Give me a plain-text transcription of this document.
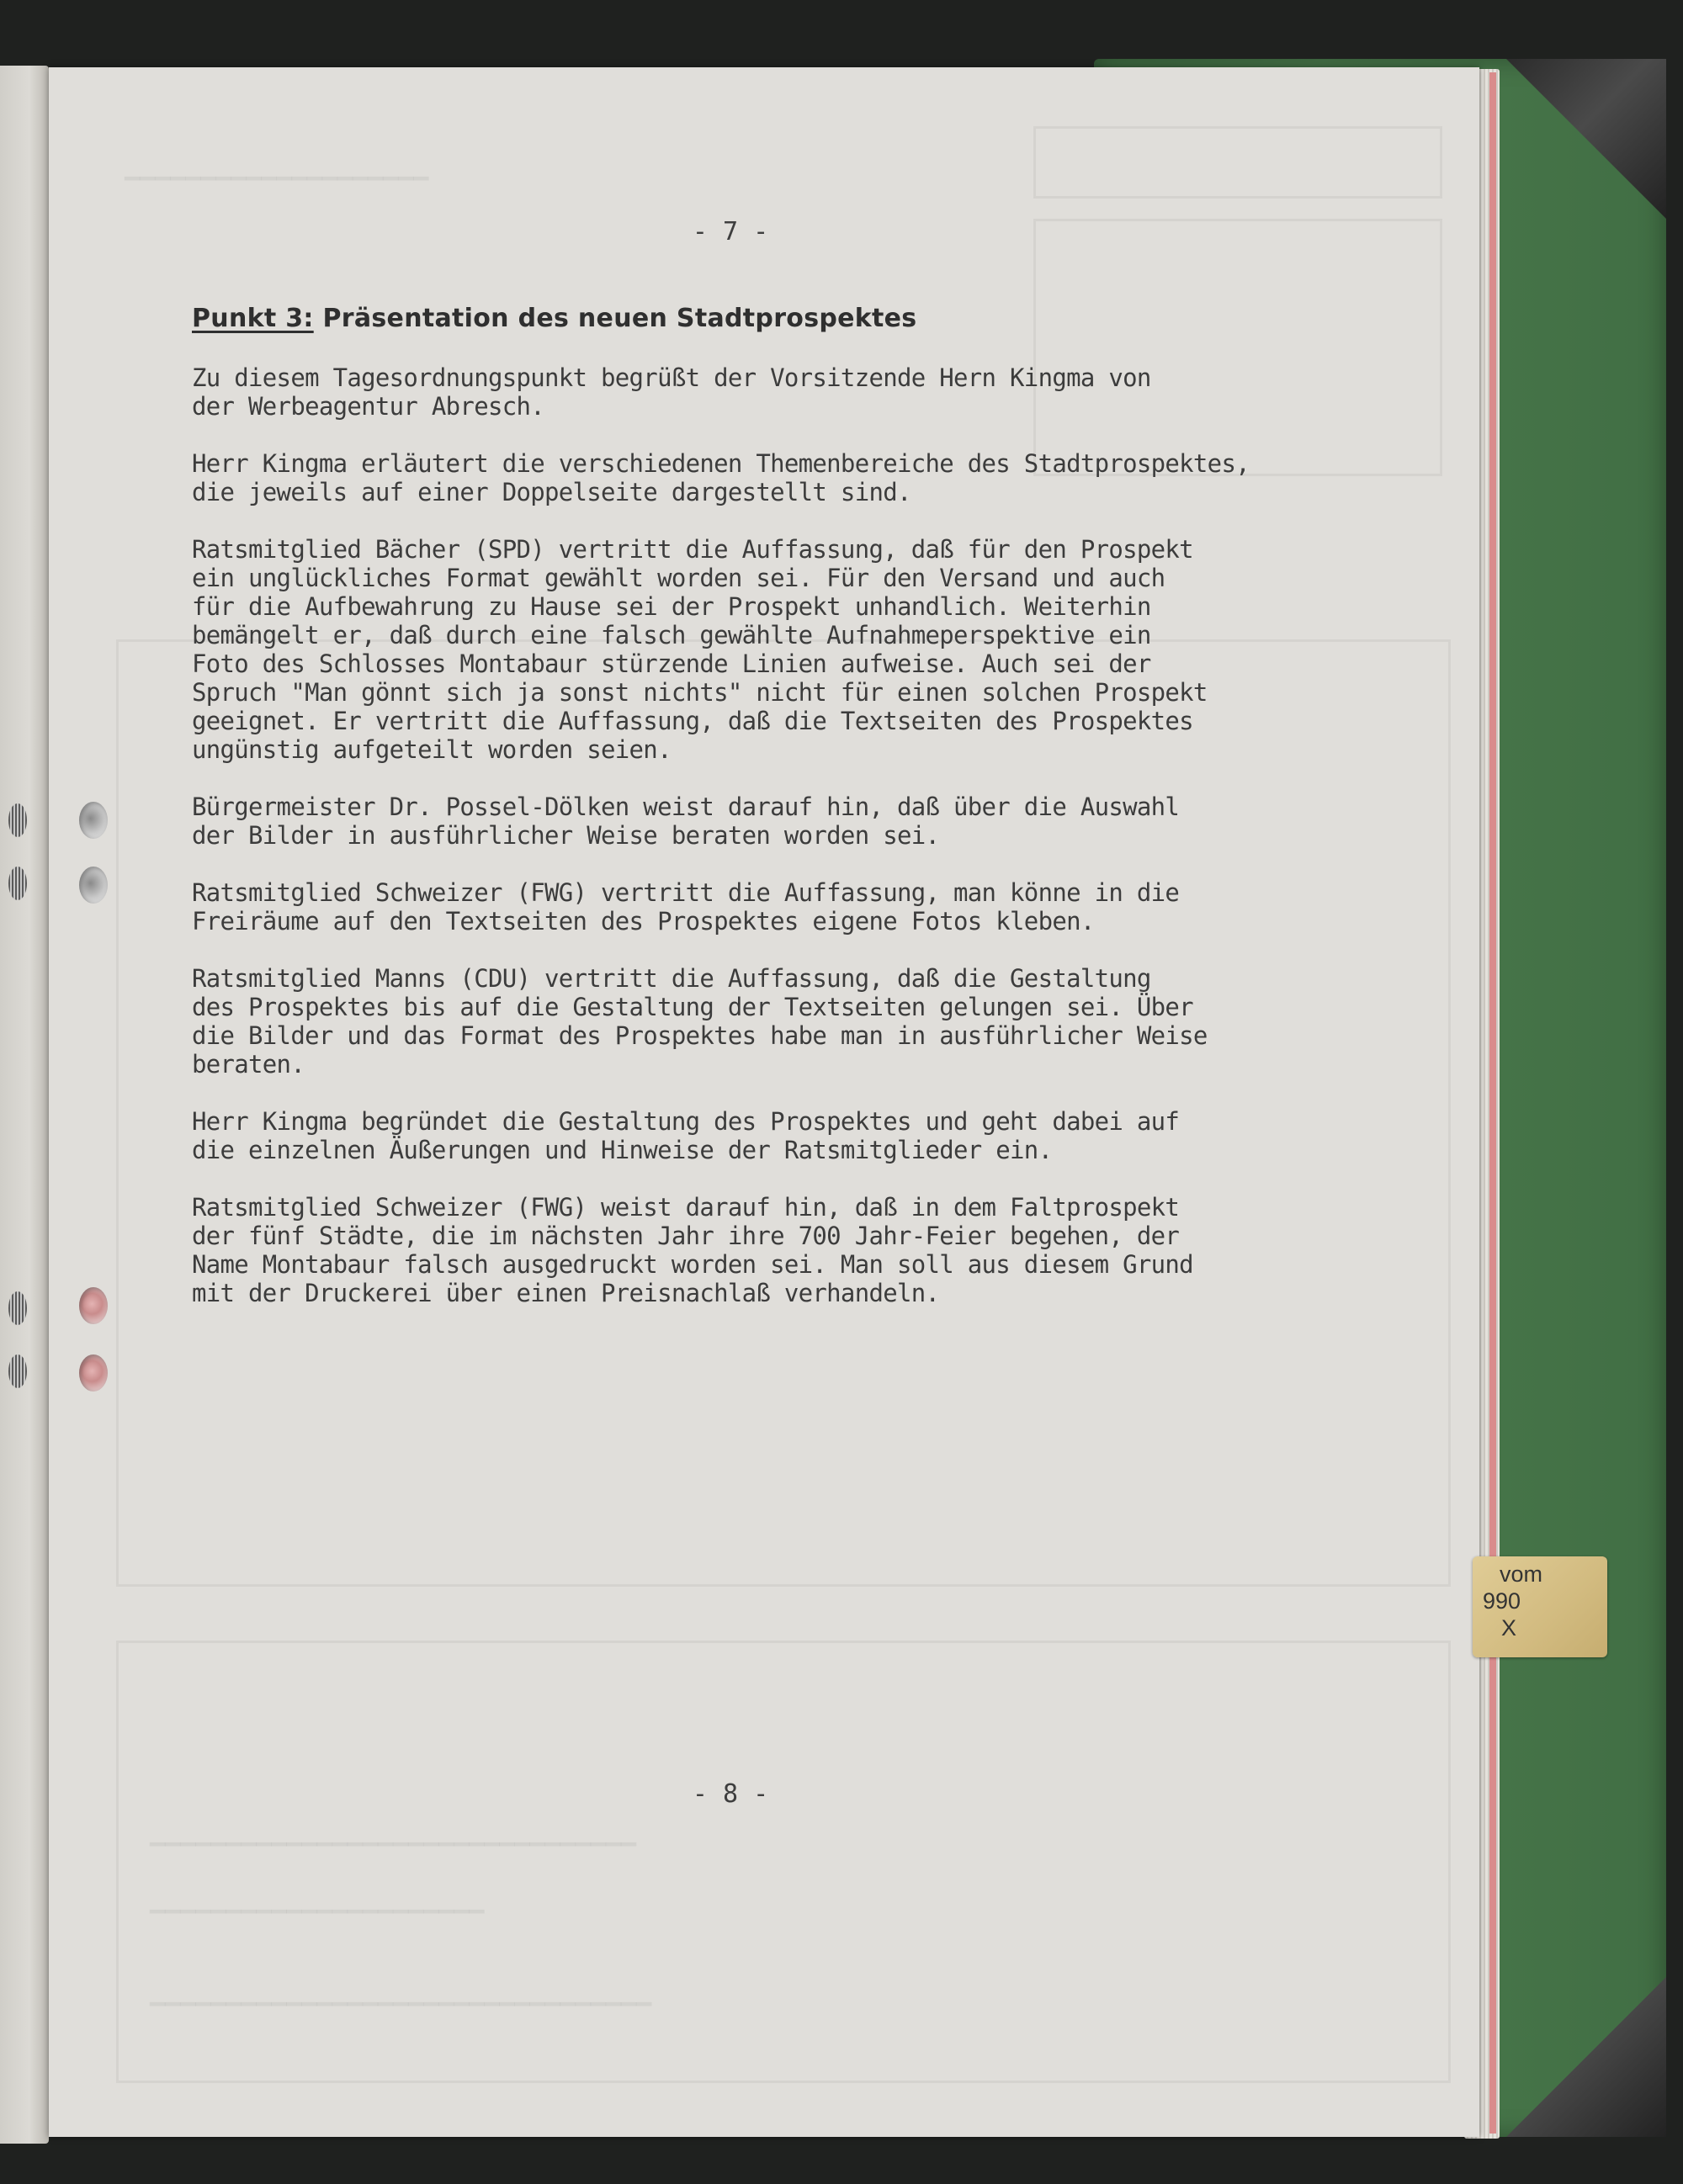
▁▁▁▁▁▁▁▁▁▁▁▁▁▁▁▁▁▁▁▁
▁▁▁▁▁▁▁▁▁▁▁▁▁▁▁▁▁▁▁▁▁▁▁▁▁▁▁▁▁▁▁▁
▁▁▁▁▁▁▁▁▁▁▁▁▁▁▁▁▁▁▁▁▁▁
▁▁▁▁▁▁▁▁▁▁▁▁▁▁▁▁▁▁▁▁▁▁▁▁▁▁▁▁▁▁▁▁▁
- 7 -
Punkt 3: Präsentation des neuen Stadtprospektes

Zu diesem Tagesordnungspunkt begrüßt der Vorsitzende Hern Kingma von
der Werbeagentur Abresch.

Herr Kingma erläutert die verschiedenen Themenbereiche des Stadtprospektes,
die jeweils auf einer Doppelseite dargestellt sind.

Ratsmitglied Bächer (SPD) vertritt die Auffassung, daß für den Prospekt
ein unglückliches Format gewählt worden sei. Für den Versand und auch
für die Aufbewahrung zu Hause sei der Prospekt unhandlich. Weiterhin
bemängelt er, daß durch eine falsch gewählte Aufnahmeperspektive ein
Foto des Schlosses Montabaur stürzende Linien aufweise. Auch sei der
Spruch "Man gönnt sich ja sonst nichts" nicht für einen solchen Prospekt
geeignet. Er vertritt die Auffassung, daß die Textseiten des Prospektes
ungünstig aufgeteilt worden seien.

Bürgermeister Dr. Possel-Dölken weist darauf hin, daß über die Auswahl
der Bilder in ausführlicher Weise beraten worden sei.

Ratsmitglied Schweizer (FWG) vertritt die Auffassung, man könne in die
Freiräume auf den Textseiten des Prospektes eigene Fotos kleben.

Ratsmitglied Manns (CDU) vertritt die Auffassung, daß die Gestaltung
des Prospektes bis auf die Gestaltung der Textseiten gelungen sei. Über
die Bilder und das Format des Prospektes habe man in ausführlicher Weise
beraten.

Herr Kingma begründet die Gestaltung des Prospektes und geht dabei auf
die einzelnen Äußerungen und Hinweise der Ratsmitglieder ein.

Ratsmitglied Schweizer (FWG) weist darauf hin, daß in dem Faltprospekt
der fünf Städte, die im nächsten Jahr ihre 700 Jahr-Feier begehen, der
Name Montabaur falsch ausgedruckt worden sei. Man soll aus diesem Grund
mit der Druckerei über einen Preisnachlaß verhandeln.

- 8 -
vom
990
X
